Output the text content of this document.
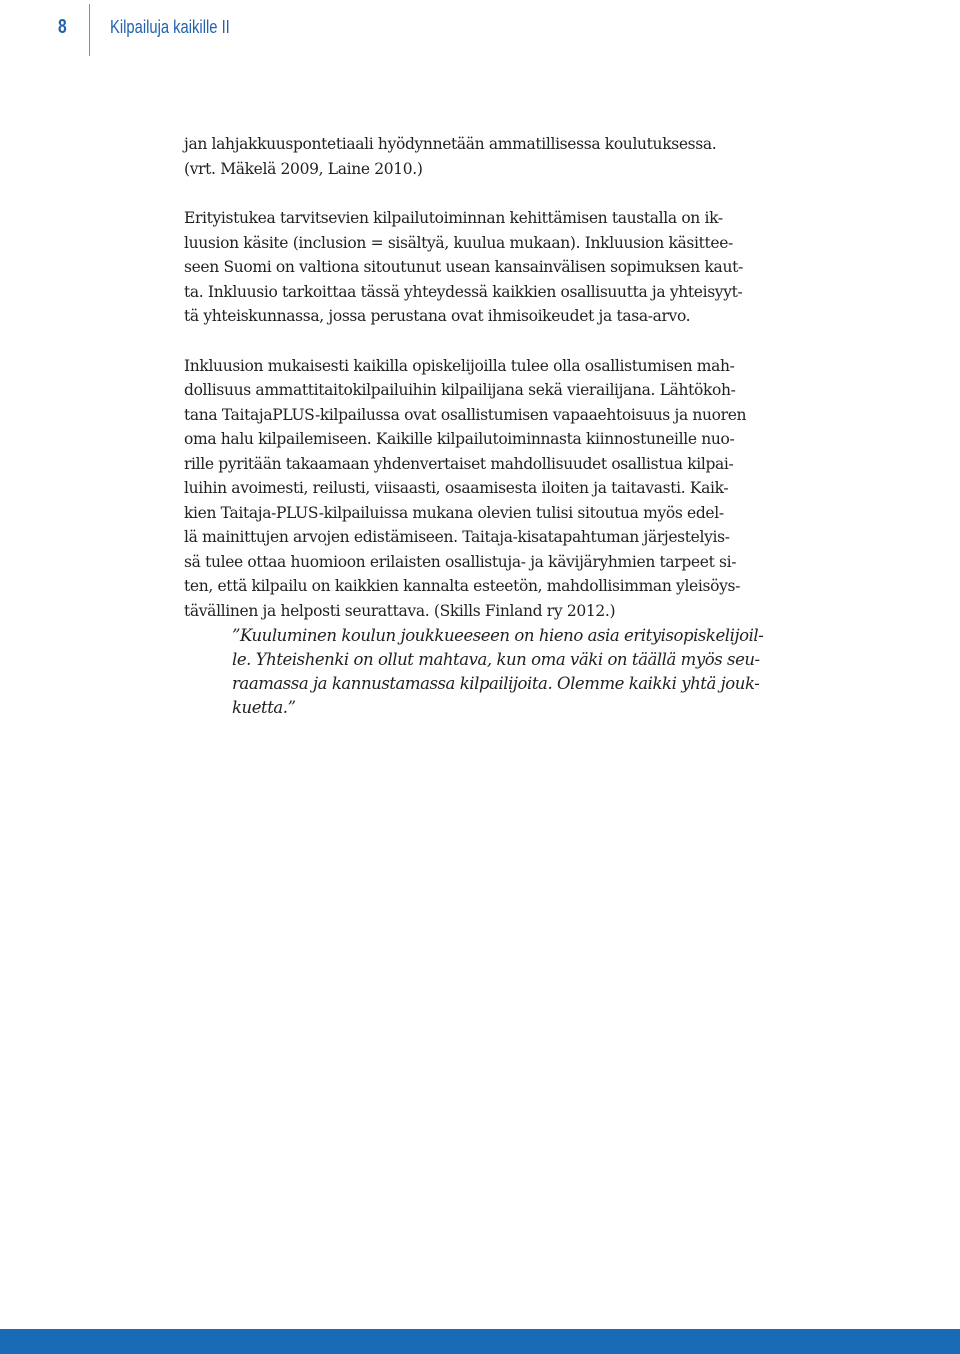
8 Kilpailuja kaikille II

jan lahjakkuuspontetiaali hyödynnetään ammatillisessa koulutuksessa.
(vrt. Mäkelä 2009, Laine 2010.)

Erityistukea tarvitsevien kilpailutoiminnan kehittämisen taustalla on ik-
luusion käsite (inclusion = sisältyä, kuulua mukaan). Inkluusion käsittee-
seen Suomi on valtiona sitoutunut usean kansainvälisen sopimuksen kaut-
ta. Inkluusio tarkoittaa tässä yhteydessä kaikkien osallisuutta ja yhteisyyt-
tä yhteiskunnassa, jossa perustana ovat ihmisoikeudet ja tasa-arvo.

Inkluusion mukaisesti kaikilla opiskelijoilla tulee olla osallistumisen mah-
dollisuus ammattitaitokilpailuihin kilpailijana sekä vierailijana. Lähtökoh-
tana TaitajaPLUS-kilpailussa ovat osallistumisen vapaaehtoisuus ja nuoren
oma halu kilpailemiseen. Kaikille kilpailutoiminnasta kiinnostuneille nuo-
rille pyritään takaamaan yhdenvertaiset mahdollisuudet osallistua kilpai-
luihin avoimesti, reilusti, viisaasti, osaamisesta iloiten ja taitavasti. Kaik-
kien Taitaja-PLUS-kilpailuissa mukana olevien tulisi sitoutua myös edel-
lä mainittujen arvojen edistämiseen. Taitaja-kisatapahtuman järjestelyis-
sä tulee ottaa huomioon erilaisten osallistuja- ja kävijäryhmien tarpeet si-
ten, että kilpailu on kaikkien kannalta esteetön, mahdollisimman yleisöys-
tävällinen ja helposti seurattava. (Skills Finland ry 2012.)

”Kuuluminen koulun joukkueeseen on hieno asia erityisopiskelijoil-
le. Yhteishenki on ollut mahtava, kun oma väki on täällä myös seu-
raamassa ja kannustamassa kilpailijoita. Olemme kaikki yhtä jouk-
kuetta.”
